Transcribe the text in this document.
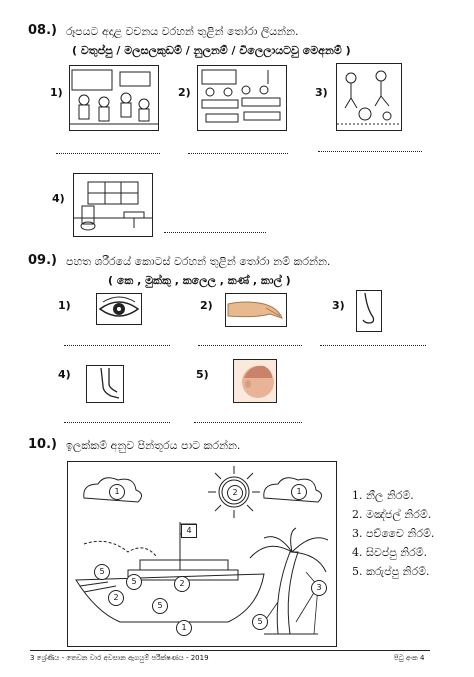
08.) රූපයට අදාළ වචනය වරහන් තුළින් තෝරා ලියන්න.
( වතුප්පු / මලසලකුඩම් / නුලනම් / විලෙලායටවු මෙඅනම් )
1)	2)	3)
4)
09.) පහත ශරීරයේ කොටස් වරහන් තුළින් තෝරා නම් කරන්න.
( කෙ , මුක්කු , කලෙල , කණ් , කාල් )
1)	2)	3)
4)	5)
10.) ඉලක්කම් අනුව පින්තූරය පාට කරන්න.
1	1
2
4
5
5	2
2
5
1
3
5
1. නීල නිරම්.
2. මඤ්ජල් නිරම්.
3. පච්චෛ නිරම්.
4. සිවප්පු නිරම්.
5. කරුප්පු නිරම්.
3 ශ්‍රේණිය - තෙවන වාර අවසාන ඇගයුම් පරීක්ෂණය - 2019	පිටු අංක 4
